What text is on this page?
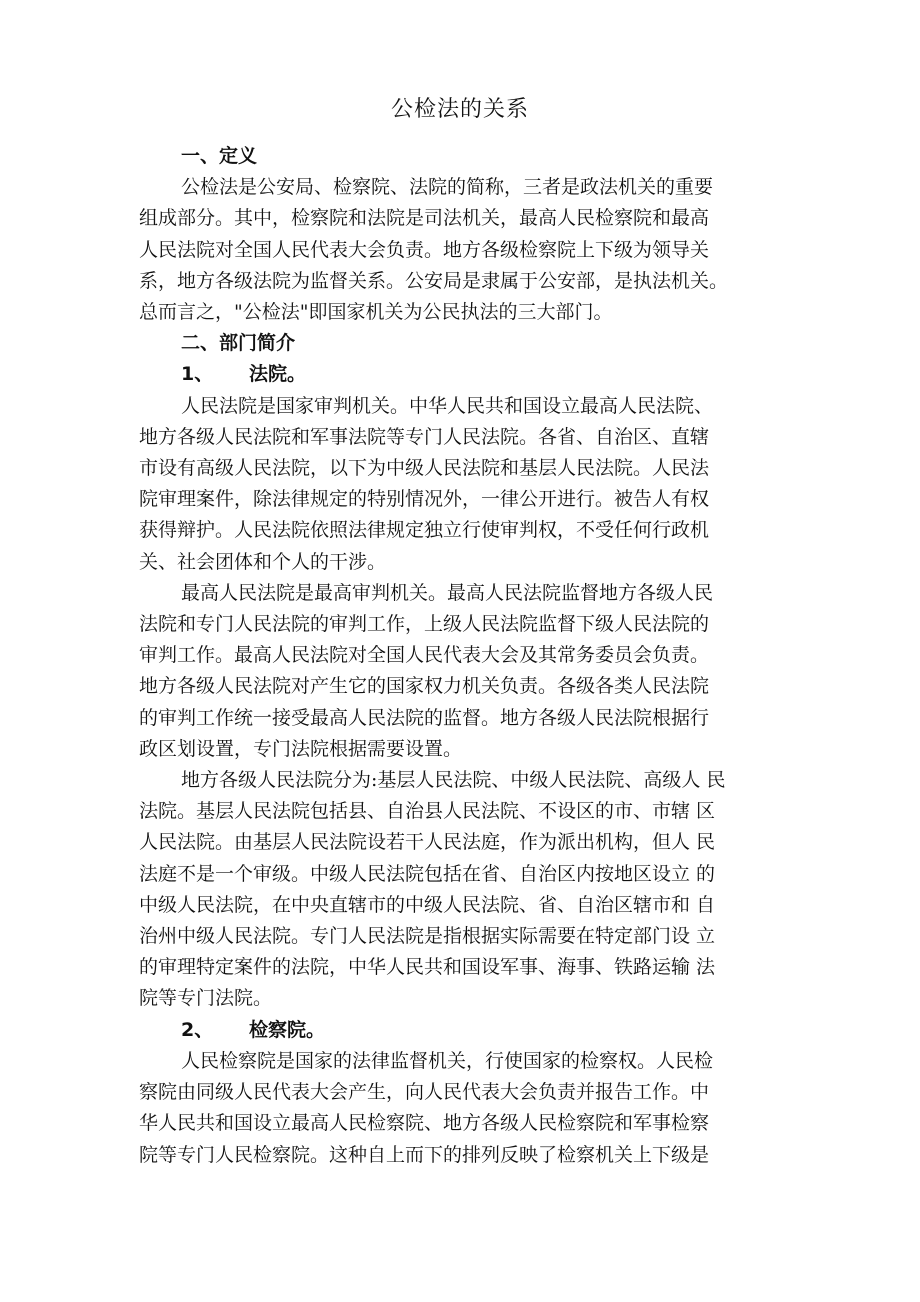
公检法的关系

一、定义

公检法是公安局、检察院、法院的简称，三者是政法机关的重要
组成部分。其中，检察院和法院是司法机关，最高人民检察院和最高
人民法院对全国人民代表大会负责。地方各级检察院上下级为领导关
系，地方各级法院为监督关系。公安局是隶属于公安部，是执法机关。
总而言之，"公检法"即国家机关为公民执法的三大部门。

二、部门简介

1、 法院。

人民法院是国家审判机关。中华人民共和国设立最高人民法院、
地方各级人民法院和军事法院等专门人民法院。各省、自治区、直辖
市设有高级人民法院，以下为中级人民法院和基层人民法院。人民法
院审理案件，除法律规定的特别情况外，一律公开进行。被告人有权
获得辩护。人民法院依照法律规定独立行使审判权，不受任何行政机
关、社会团体和个人的干涉。

最高人民法院是最高审判机关。最高人民法院监督地方各级人民
法院和专门人民法院的审判工作，上级人民法院监督下级人民法院的
审判工作。最高人民法院对全国人民代表大会及其常务委员会负责。
地方各级人民法院对产生它的国家权力机关负责。各级各类人民法院
的审判工作统一接受最高人民法院的监督。地方各级人民法院根据行
政区划设置，专门法院根据需要设置。

地方各级人民法院分为:基层人民法院、中级人民法院、高级人 民
法院。基层人民法院包括县、自治县人民法院、不设区的市、市辖 区
人民法院。由基层人民法院设若干人民法庭，作为派出机构，但人 民
法庭不是一个审级。中级人民法院包括在省、自治区内按地区设立 的
中级人民法院，在中央直辖市的中级人民法院、省、自治区辖市和 自
治州中级人民法院。专门人民法院是指根据实际需要在特定部门设 立
的审理特定案件的法院，中华人民共和国设军事、海事、铁路运输 法
院等专门法院。

2、 检察院。

人民检察院是国家的法律监督机关，行使国家的检察权。人民检
察院由同级人民代表大会产生，向人民代表大会负责并报告工作。中
华人民共和国设立最高人民检察院、地方各级人民检察院和军事检察
院等专门人民检察院。这种自上而下的排列反映了检察机关上下级是
